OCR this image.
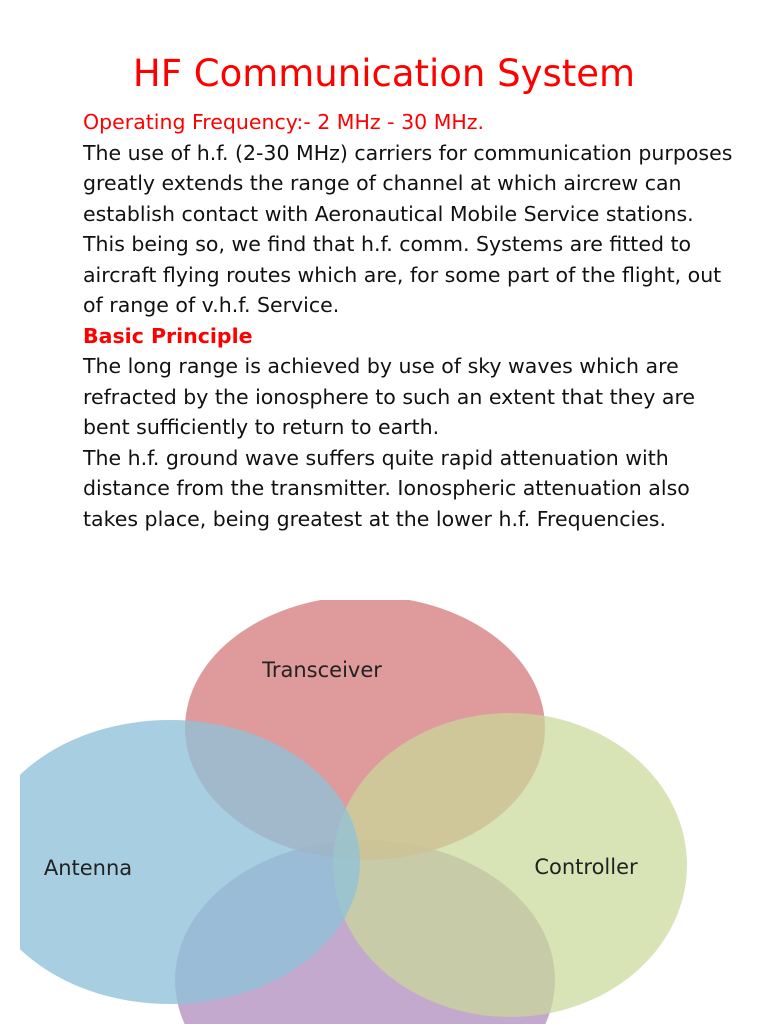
HF Communication System

Operating Frequency:- 2 MHz - 30 MHz.

The use of h.f. (2-30 MHz) carriers for communication purposes greatly extends the range of channel at which aircrew can establish contact with Aeronautical Mobile Service stations.

This being so, we find that h.f. comm. Systems are fitted to aircraft flying routes which are, for some part of the flight, out of range of v.h.f. Service.

Basic Principle

The long range is achieved by use of sky waves which are refracted by the ionosphere to such an extent that they are bent sufficiently to return to earth.

The h.f. ground wave suffers quite rapid attenuation with distance from the transmitter. Ionospheric attenuation also takes place, being greatest at the lower h.f. Frequencies.

Transceiver
Controller
Antenna
